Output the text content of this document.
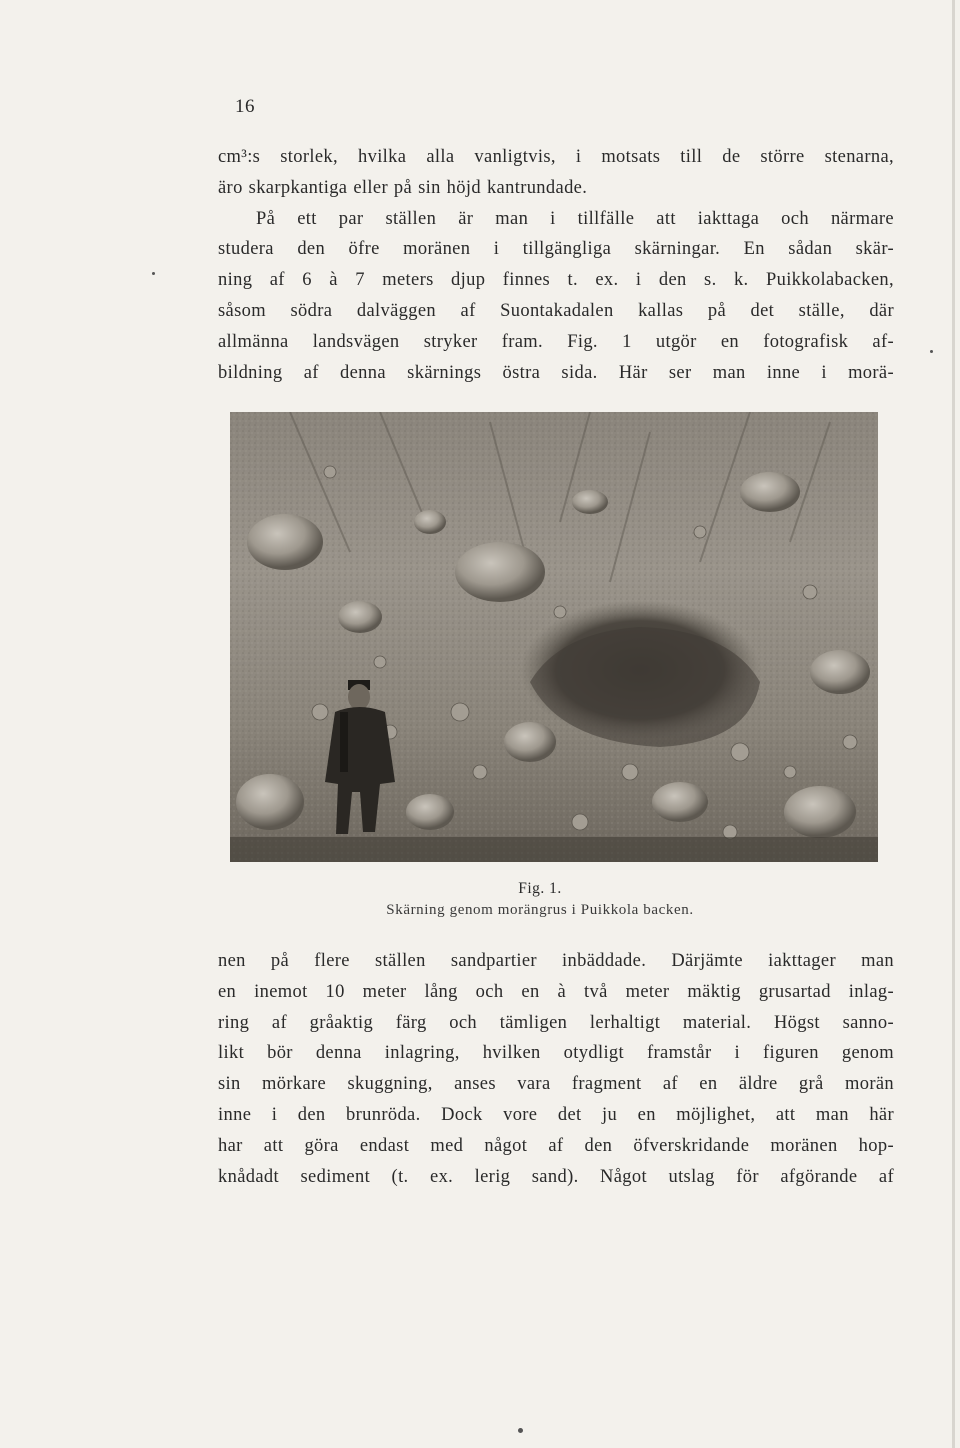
16
cm³:s storlek, hvilka alla vanligtvis, i motsats till de större stenarna,
äro skarpkantiga eller på sin höjd kantrundade.
På ett par ställen är man i tillfälle att iakttaga och närmare
studera den öfre moränen i tillgängliga skärningar. En sådan skär-
ning af 6 à 7 meters djup finnes t. ex. i den s. k. Puikkolabacken,
såsom södra dalväggen af Suontakadalen kallas på det ställe, där
allmänna landsvägen stryker fram. Fig. 1 utgör en fotografisk af-
bildning af denna skärnings östra sida. Här ser man inne i morä-
Fig. 1.
Skärning genom morängrus i Puikkola backen.
nen på flere ställen sandpartier inbäddade. Därjämte iakttager man
en inemot 10 meter lång och en à två meter mäktig grusartad inlag-
ring af gråaktig färg och tämligen lerhaltigt material. Högst sanno-
likt bör denna inlagring, hvilken otydligt framstår i figuren genom
sin mörkare skuggning, anses vara fragment af en äldre grå morän
inne i den brunröda. Dock vore det ju en möjlighet, att man här
har att göra endast med något af den öfverskridande moränen hop-
knådadt sediment (t. ex. lerig sand). Något utslag för afgörande af
